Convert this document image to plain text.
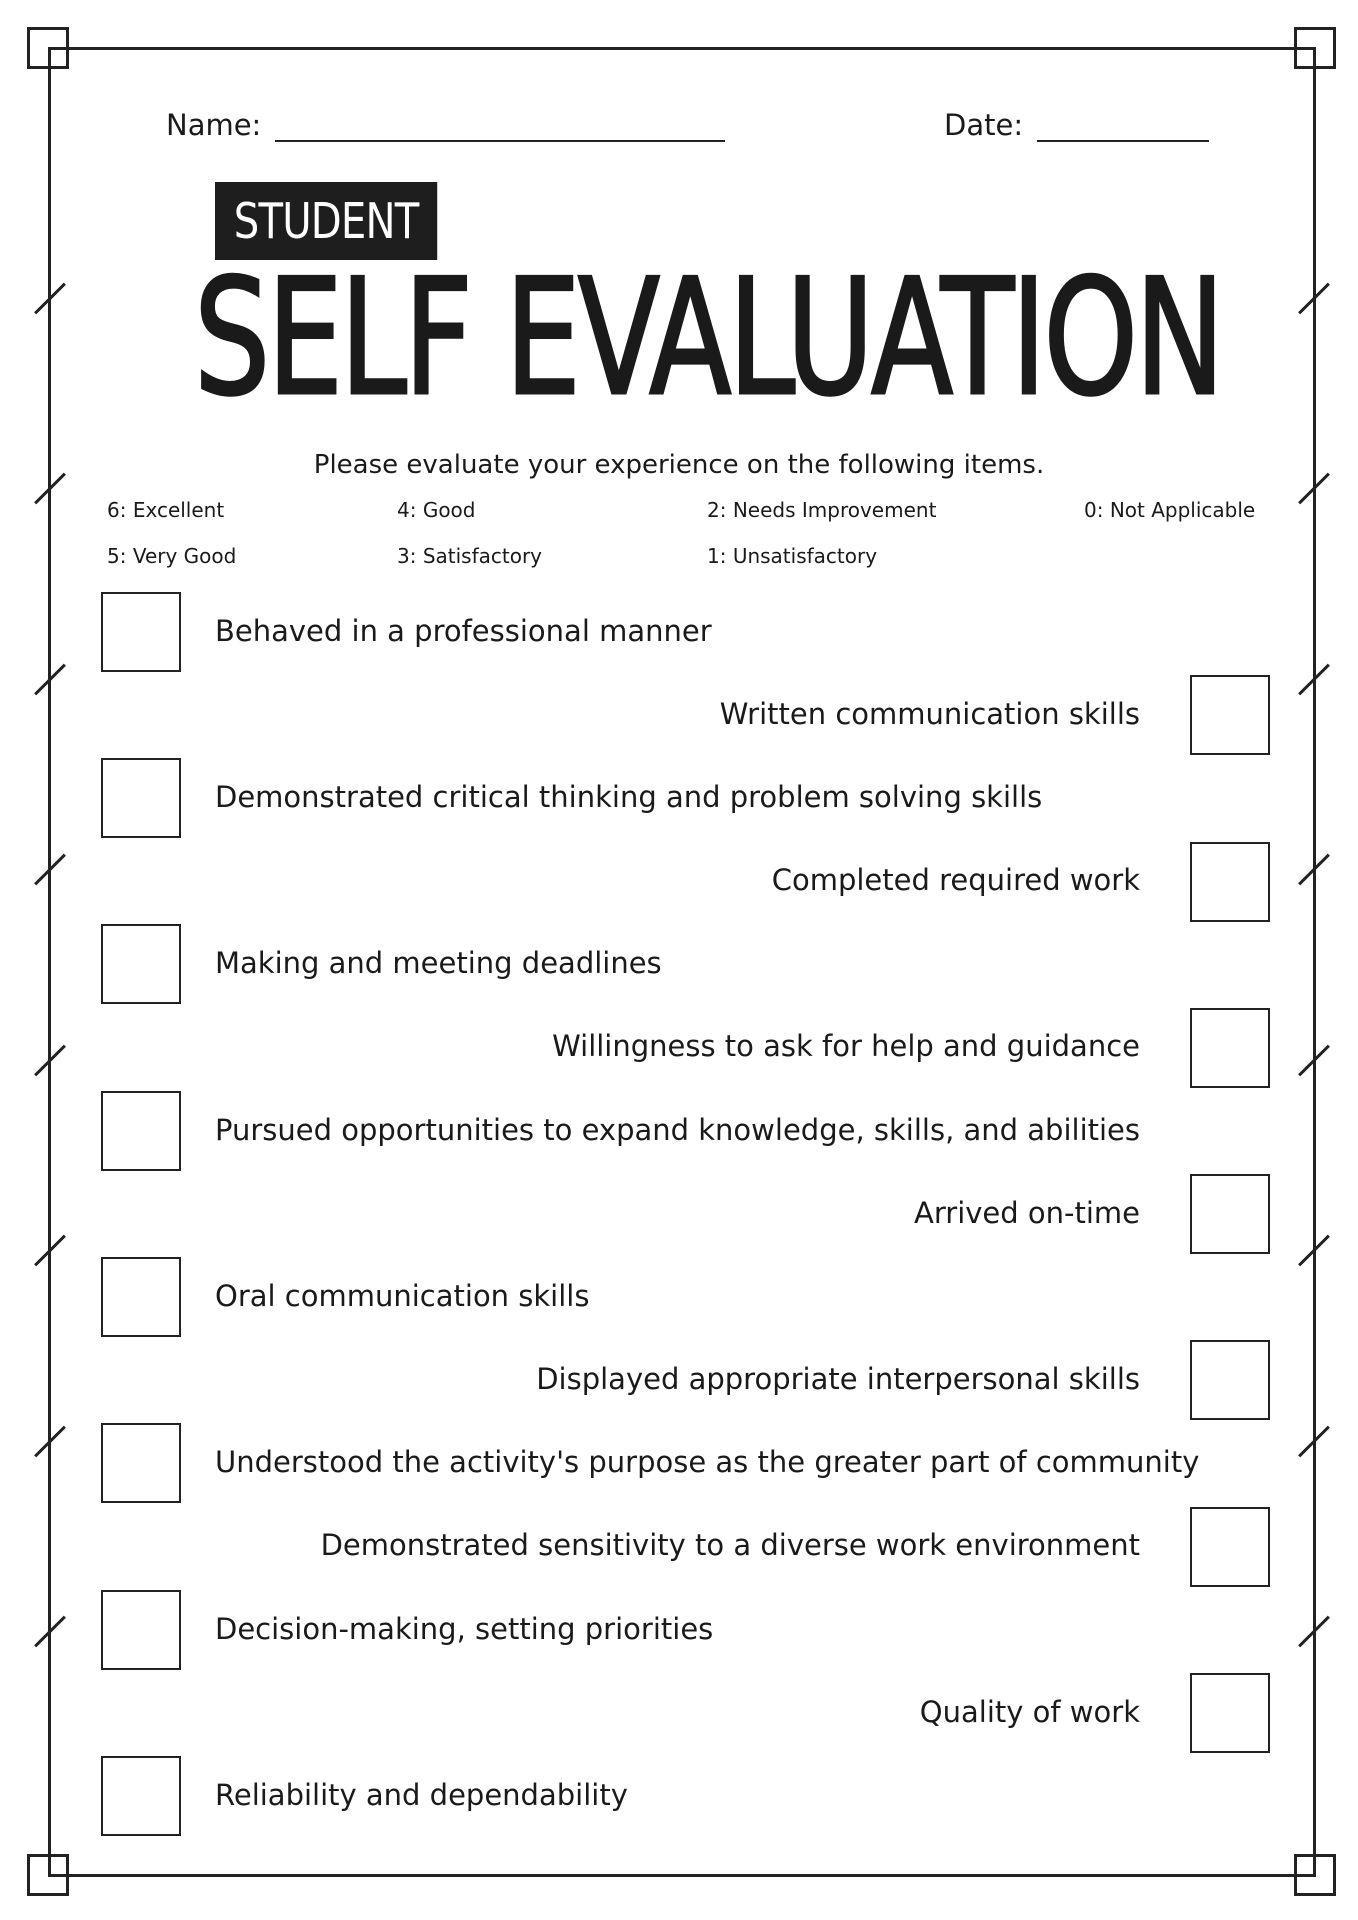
Name:	Date:
STUDENT
SELF EVALUATION
Please evaluate your experience on the following items.
6: Excellent	4: Good	2: Needs Improvement	0: Not Applicable
5: Very Good	3: Satisfactory	1: Unsatisfactory
Behaved in a professional manner
Written communication skills
Demonstrated critical thinking and problem solving skills
Completed required work
Making and meeting deadlines
Willingness to ask for help and guidance
Pursued opportunities to expand knowledge, skills, and abilities
Arrived on-time
Oral communication skills
Displayed appropriate interpersonal skills
Understood the activity's purpose as the greater part of community
Demonstrated sensitivity to a diverse work environment
Decision-making, setting priorities
Quality of work
Reliability and dependability
